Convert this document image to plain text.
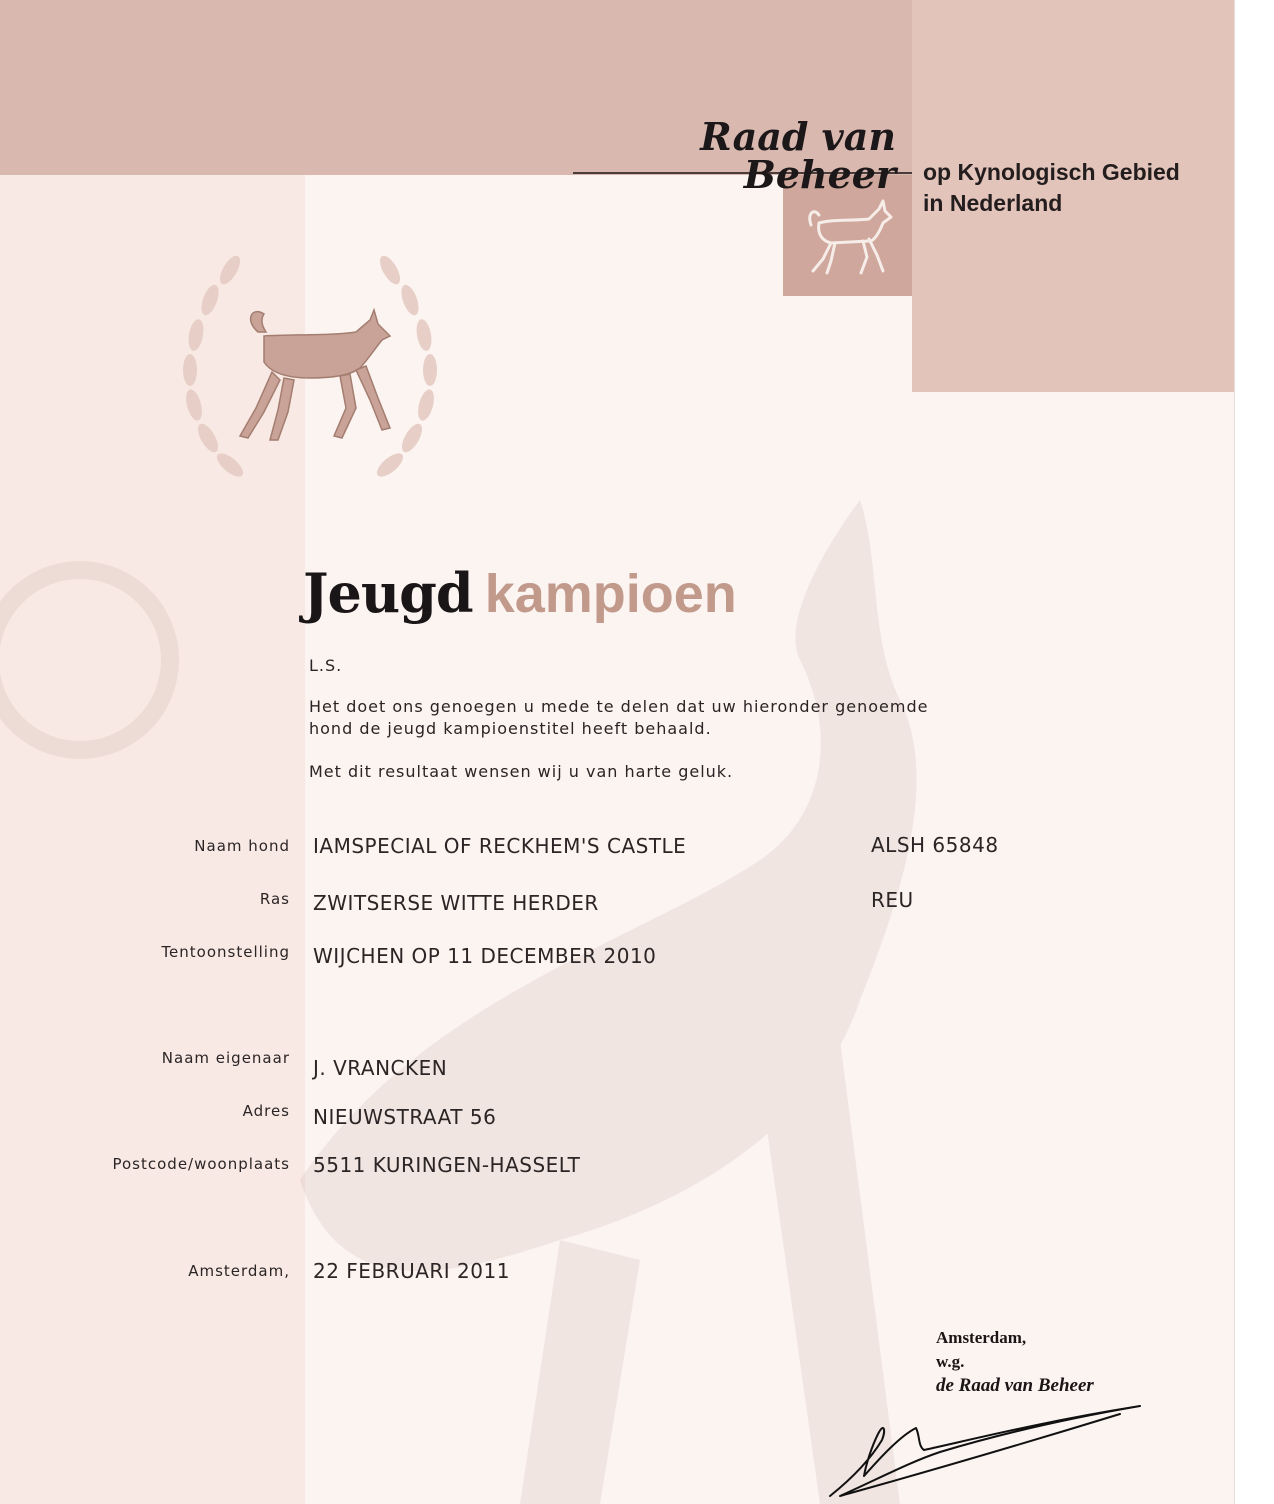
Raad van Beheer op Kynologisch Gebied
in Nederland
Jeugd kampioen
L.S.
Het doet ons genoegen u mede te delen dat uw hieronder genoemde
hond de jeugd kampioenstitel heeft behaald.
Met dit resultaat wensen wij u van harte geluk.
Naam hond IAMSPECIAL OF RECKHEM'S CASTLE	ALSH 65848
Ras ZWITSERSE WITTE HERDER	REU
Tentoonstelling WIJCHEN OP 11 DECEMBER 2010
Naam eigenaar J. VRANCKEN
Adres NIEUWSTRAAT 56
Postcode/woonplaats 5511 KURINGEN-HASSELT
Amsterdam, 22 FEBRUARI 2011
Amsterdam,
w.g.
de Raad van Beheer
